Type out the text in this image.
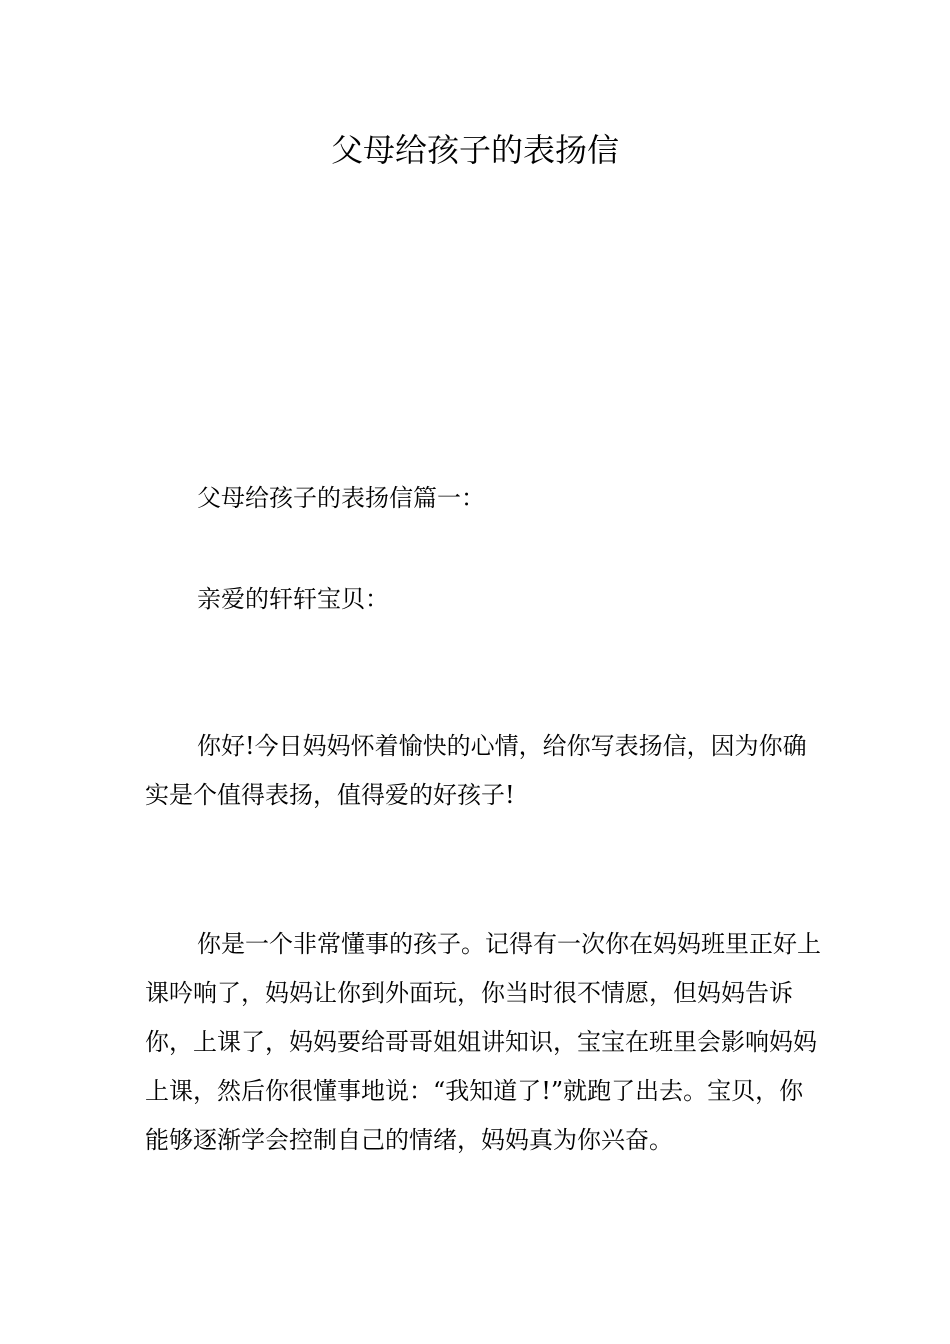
父母给孩子的表扬信

父母给孩子的表扬信篇一：

亲爱的轩轩宝贝：

你好!今日妈妈怀着愉快的心情，给你写表扬信，因为你确实是个值得表扬，值得爱的好孩子!

你是一个非常懂事的孩子。记得有一次你在妈妈班里正好上课吟响了，妈妈让你到外面玩，你当时很不情愿，但妈妈告诉你，上课了，妈妈要给哥哥姐姐讲知识，宝宝在班里会影响妈妈上课，然后你很懂事地说：“我知道了!”就跑了出去。宝贝，你能够逐渐学会控制自己的情绪，妈妈真为你兴奋。
